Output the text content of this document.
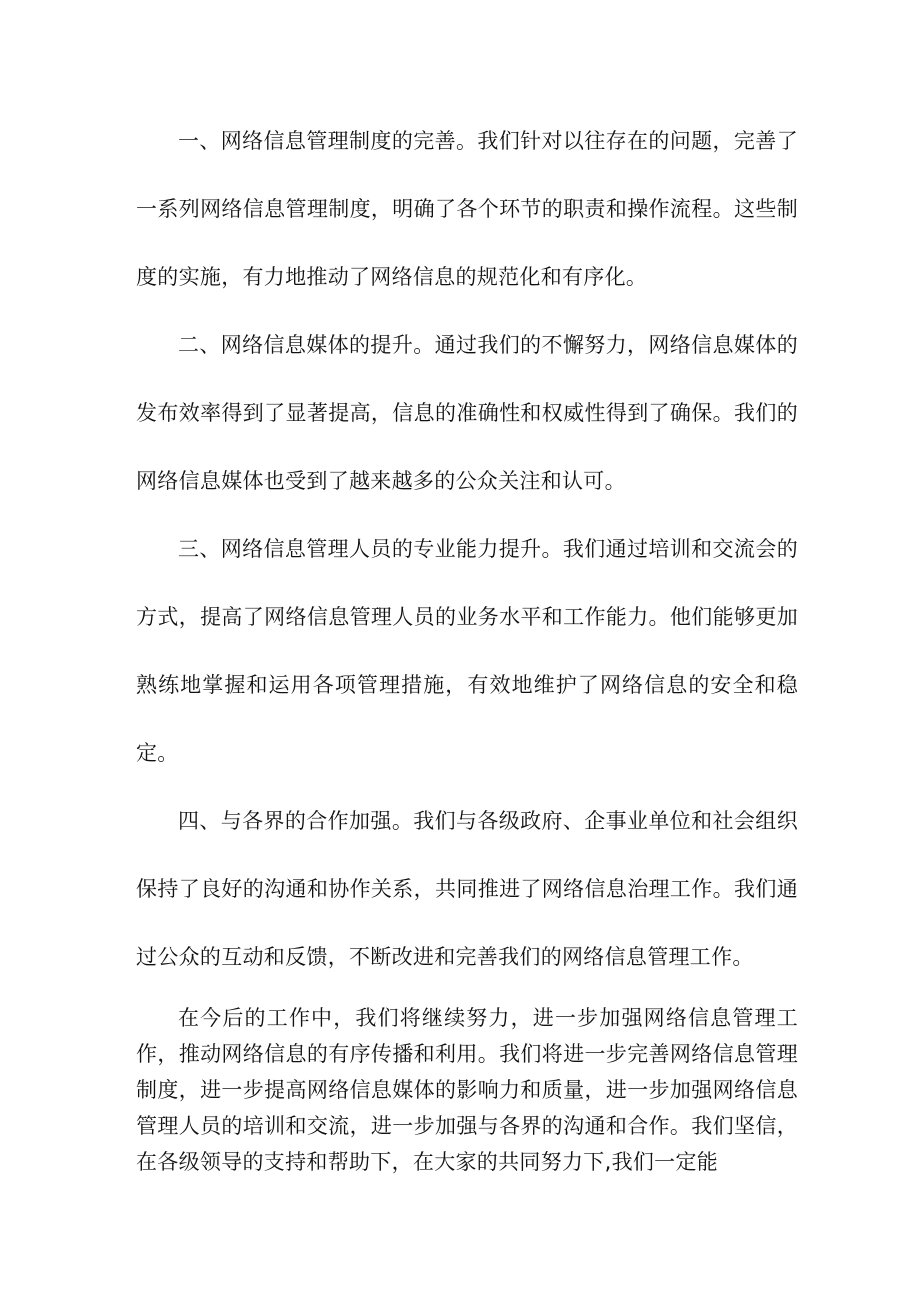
一、网络信息管理制度的完善。我们针对以往存在的问题，完善了一系列网络信息管理制度，明确了各个环节的职责和操作流程。这些制度的实施，有力地推动了网络信息的规范化和有序化。

二、网络信息媒体的提升。通过我们的不懈努力，网络信息媒体的发布效率得到了显著提高，信息的准确性和权威性得到了确保。我们的网络信息媒体也受到了越来越多的公众关注和认可。

三、网络信息管理人员的专业能力提升。我们通过培训和交流会的方式，提高了网络信息管理人员的业务水平和工作能力。他们能够更加熟练地掌握和运用各项管理措施，有效地维护了网络信息的安全和稳定。

四、与各界的合作加强。我们与各级政府、企事业单位和社会组织保持了良好的沟通和协作关系，共同推进了网络信息治理工作。我们通过公众的互动和反馈，不断改进和完善我们的网络信息管理工作。

在今后的工作中，我们将继续努力，进一步加强网络信息管理工作，推动网络信息的有序传播和利用。我们将进一步完善网络信息管理制度，进一步提高网络信息媒体的影响力和质量，进一步加强网络信息管理人员的培训和交流，进一步加强与各界的沟通和合作。我们坚信，在各级领导的支持和帮助下，在大家的共同努力下,我们一定能
